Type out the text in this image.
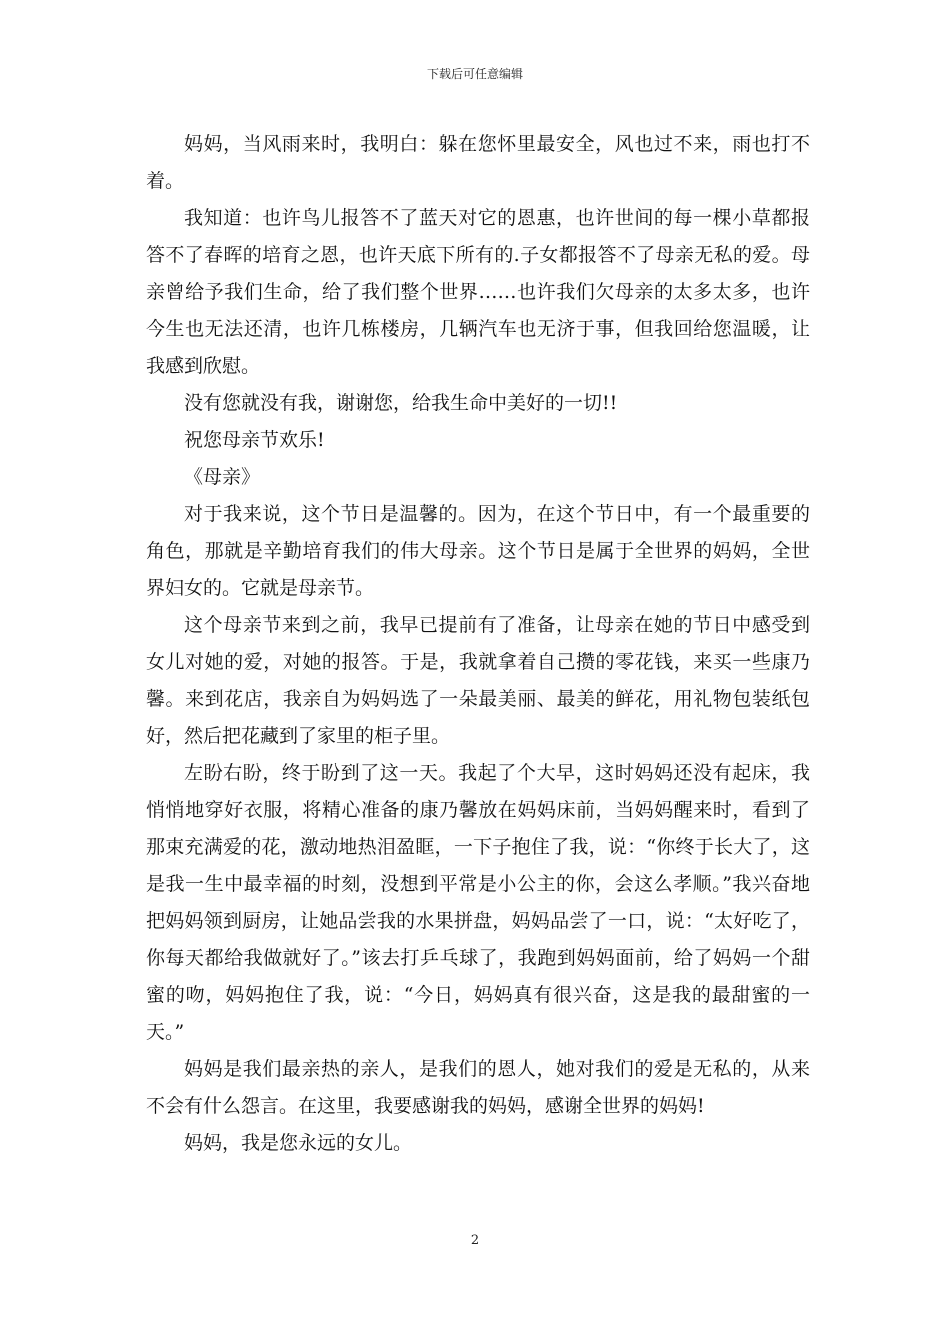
下载后可任意编辑

妈妈，当风雨来时，我明白：躲在您怀里最安全，风也过不来，雨也打不着。

我知道：也许鸟儿报答不了蓝天对它的恩惠，也许世间的每一棵小草都报答不了春晖的培育之恩，也许天底下所有的.子女都报答不了母亲无私的爱。母亲曾给予我们生命，给了我们整个世界……也许我们欠母亲的太多太多，也许今生也无法还清，也许几栋楼房，几辆汽车也无济于事，但我回给您温暖，让我感到欣慰。

没有您就没有我，谢谢您，给我生命中美好的一切!!

祝您母亲节欢乐!

《母亲》

对于我来说，这个节日是温馨的。因为，在这个节日中，有一个最重要的角色，那就是辛勤培育我们的伟大母亲。这个节日是属于全世界的妈妈，全世界妇女的。它就是母亲节。

这个母亲节来到之前，我早已提前有了准备，让母亲在她的节日中感受到女儿对她的爱，对她的报答。于是，我就拿着自己攒的零花钱，来买一些康乃馨。来到花店，我亲自为妈妈选了一朵最美丽、最美的鲜花，用礼物包装纸包好，然后把花藏到了家里的柜子里。

左盼右盼，终于盼到了这一天。我起了个大早，这时妈妈还没有起床，我悄悄地穿好衣服，将精心准备的康乃馨放在妈妈床前，当妈妈醒来时，看到了那束充满爱的花，激动地热泪盈眶，一下子抱住了我，说：“你终于长大了，这是我一生中最幸福的时刻，没想到平常是小公主的你，会这么孝顺。”我兴奋地把妈妈领到厨房，让她品尝我的水果拼盘，妈妈品尝了一口，说：“太好吃了，你每天都给我做就好了。”该去打乒乓球了，我跑到妈妈面前，给了妈妈一个甜蜜的吻，妈妈抱住了我，说：“今日，妈妈真有很兴奋，这是我的最甜蜜的一天。”

妈妈是我们最亲热的亲人，是我们的恩人，她对我们的爱是无私的，从来不会有什么怨言。在这里，我要感谢我的妈妈，感谢全世界的妈妈!

妈妈，我是您永远的女儿。

2
